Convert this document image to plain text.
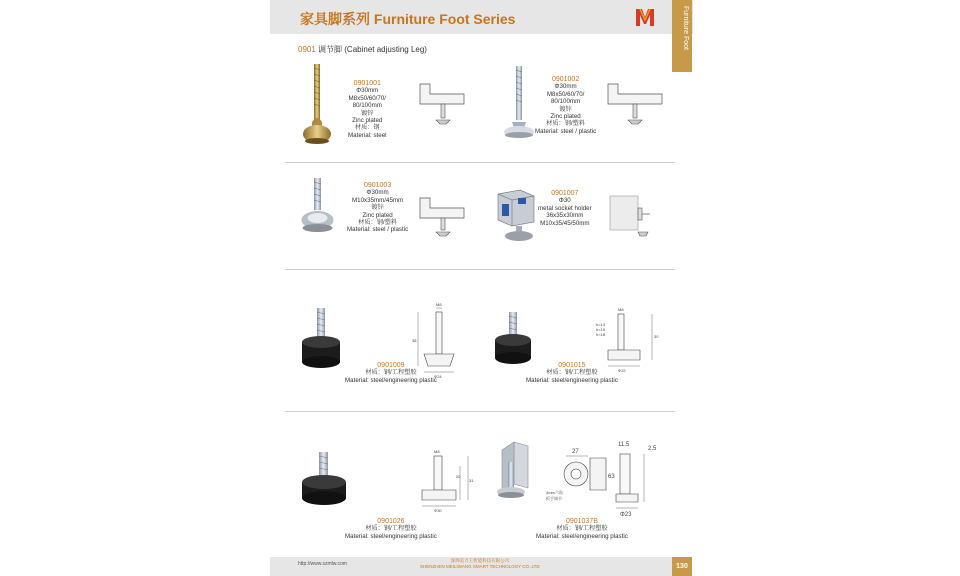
家具脚系列 Furniture Foot Series	Furniture Foot
0901 调节脚 (Cabinet adjusting Leg)
0901001
Φ30mm
M8x50/60/70/
80/100mm
镀锌
Zinc plated
材质：钢
Material: steel
0901002
Φ30mm
M8x50/60/70/
80/100mm
镀锌
Zinc plated
材质：钢/塑料
Material: steel / plastic
0901003
Φ30mm
M10x35mm/45mm
镀锌
Zinc plated
材质：钢/塑料
Material: steel / plastic
0901007
Φ30
metal socket holder
36x35x30mm
M10x35/45/50mm
M8
38
Φ24
0901009
材质：钢/工程塑胶
Material: steel/engineering plastic
M8
h=13
h=15
h=18	30
Φ22
0901015
材质：钢/工程塑胶
Material: steel/engineering plastic
M8
20
31
Φ30
0901026
材质：钢/工程塑胶
Material: steel/engineering plastic
27
11.5
2.5
4mm六角
扳手调节
63
Φ23
0901037B
材质：钢/工程塑胶
Material: steel/engineering plastic
http://www.szmlw.com
深圳美力王智能科技有限公司
SHENZHEN MEILIWANG SMART TECHNOLOGY CO.,LTD	130
